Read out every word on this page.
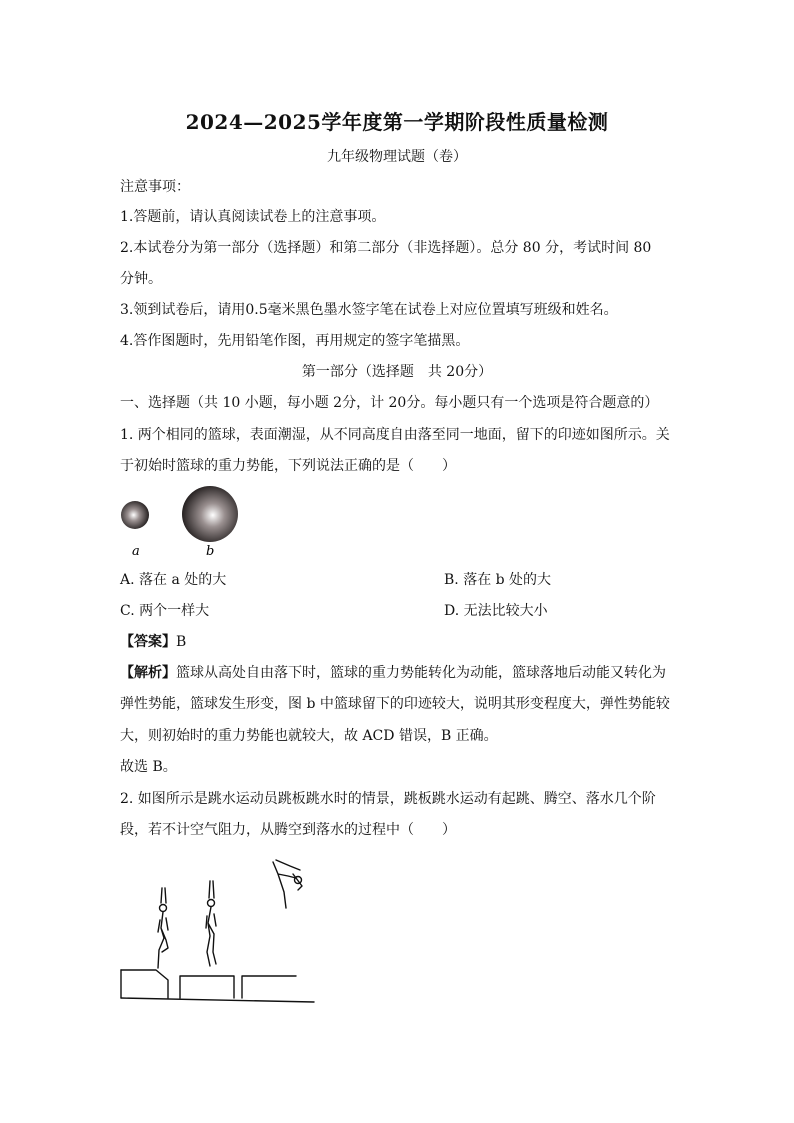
2024—2025学年度第一学期阶段性质量检测
九年级物理试题（卷）
注意事项：
1.答题前，请认真阅读试卷上的注意事项。
2.本试卷分为第一部分（选择题）和第二部分（非选择题）。总分 80 分，考试时间 80
分钟。
3.领到试卷后，请用0.5毫米黑色墨水签字笔在试卷上对应位置填写班级和姓名。
4.答作图题时，先用铅笔作图，再用规定的签字笔描黑。
第一部分（选择题　共 20分）
一、选择题（共 10 小题，每小题 2分，计 20分。每小题只有一个选项是符合题意的）
1. 两个相同的篮球，表面潮湿，从不同高度自由落至同一地面，留下的印迹如图所示。关
于初始时篮球的重力势能，下列说法正确的是（　　）
a	b
A. 落在 a 处的大	B. 落在 b 处的大
C. 两个一样大	D. 无法比较大小
【答案】B
【解析】篮球从高处自由落下时，篮球的重力势能转化为动能，篮球落地后动能又转化为
弹性势能，篮球发生形变，图 b 中篮球留下的印迹较大，说明其形变程度大，弹性势能较
大，则初始时的重力势能也就较大，故 ACD 错误，B 正确。
故选 B。
2. 如图所示是跳水运动员跳板跳水时的情景，跳板跳水运动有起跳、腾空、落水几个阶
段，若不计空气阻力，从腾空到落水的过程中（　　）
